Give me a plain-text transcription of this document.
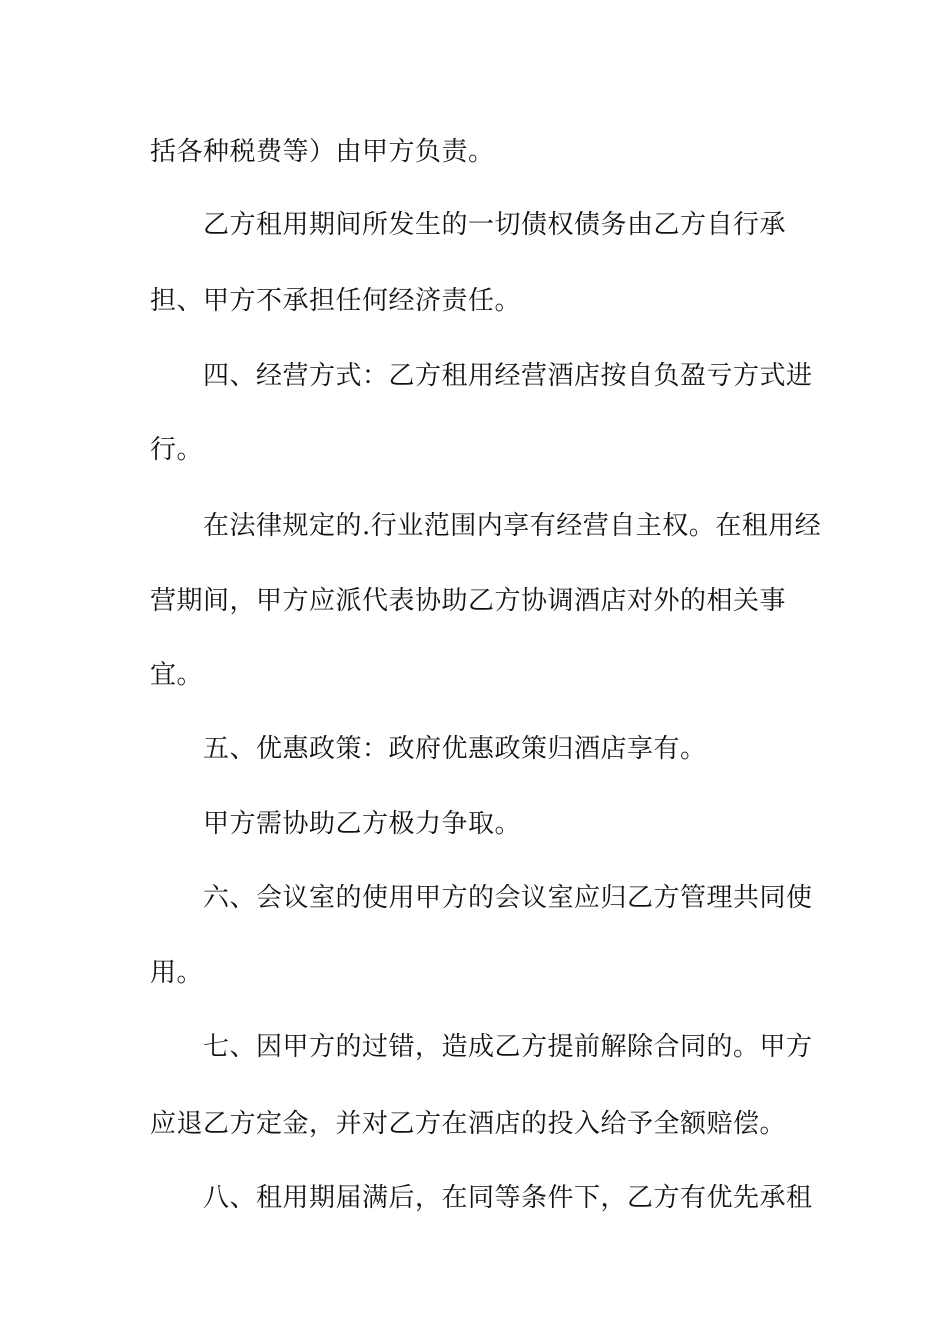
括各种税费等）由甲方负责。

乙方租用期间所发生的一切债权债务由乙方自行承

担、甲方不承担任何经济责任。

四、经营方式：乙方租用经营酒店按自负盈亏方式进

行。

在法律规定的.行业范围内享有经营自主权。在租用经

营期间，甲方应派代表协助乙方协调酒店对外的相关事

宜。

五、优惠政策：政府优惠政策归酒店享有。

甲方需协助乙方极力争取。

六、会议室的使用甲方的会议室应归乙方管理共同使

用。

七、因甲方的过错，造成乙方提前解除合同的。甲方

应退乙方定金，并对乙方在酒店的投入给予全额赔偿。

八、租用期届满后，在同等条件下，乙方有优先承租
